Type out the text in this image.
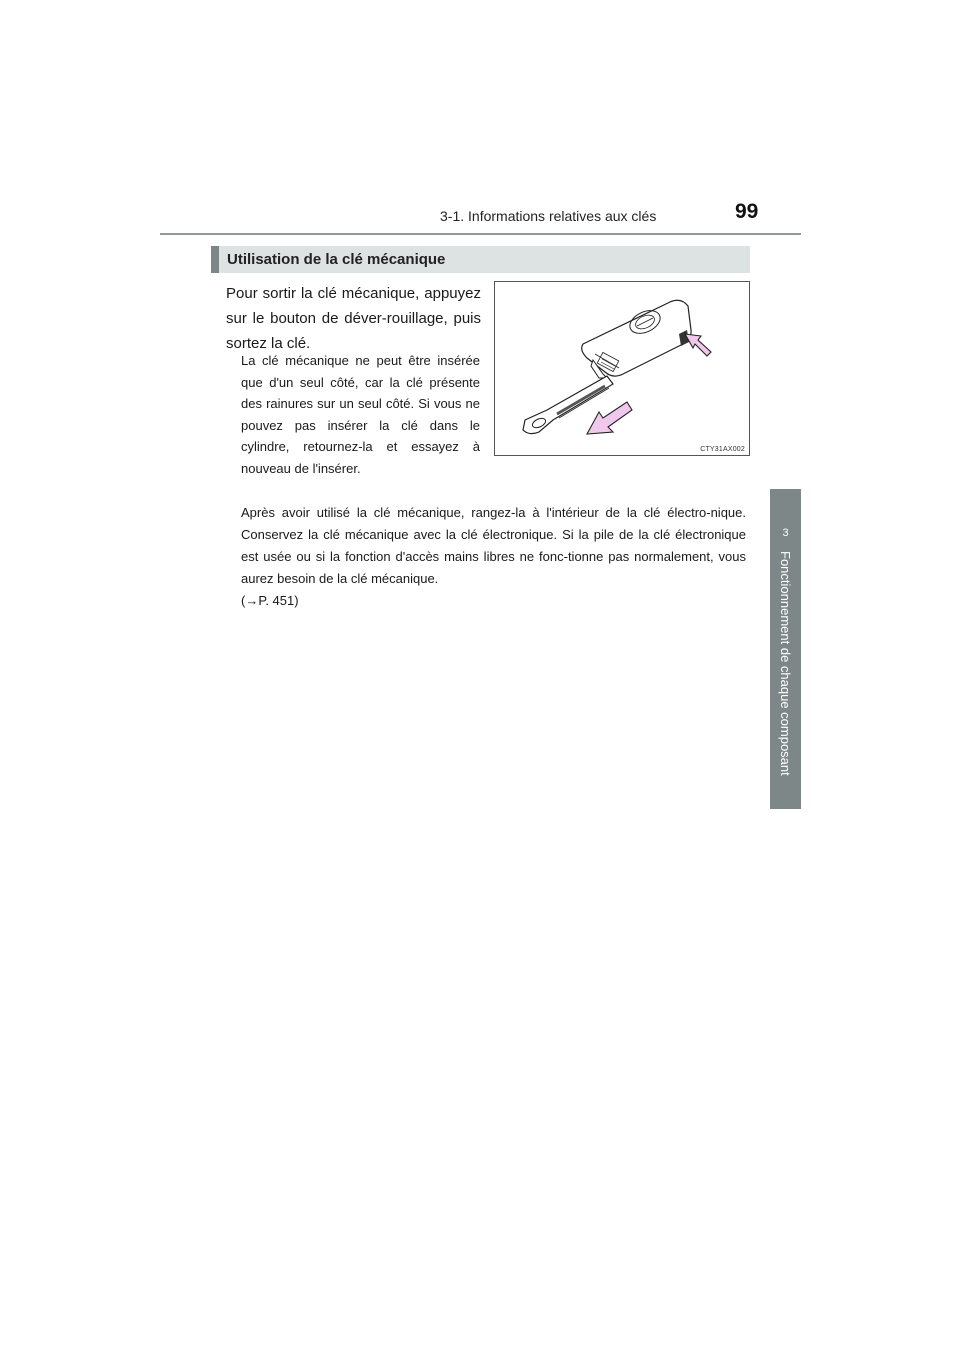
3-1. Informations relatives aux clés	99
3
Fonctionnement de chaque composant
Utilisation de la clé mécanique

Pour sortir la clé mécanique, appuyez sur le bouton de déver-rouillage, puis sortez la clé.

La clé mécanique ne peut être insérée que d'un seul côté, car la clé présente des rainures sur un seul côté. Si vous ne pouvez pas insérer la clé dans le cylindre, retournez-la et essayez à nouveau de l'insérer.

Après avoir utilisé la clé mécanique, rangez-la à l'intérieur de la clé électro-nique. Conservez la clé mécanique avec la clé électronique. Si la pile de la clé électronique est usée ou si la fonction d'accès mains libres ne fonc-tionne pas normalement, vous aurez besoin de la clé mécanique.

(→P. 451)

CTY31AX002
